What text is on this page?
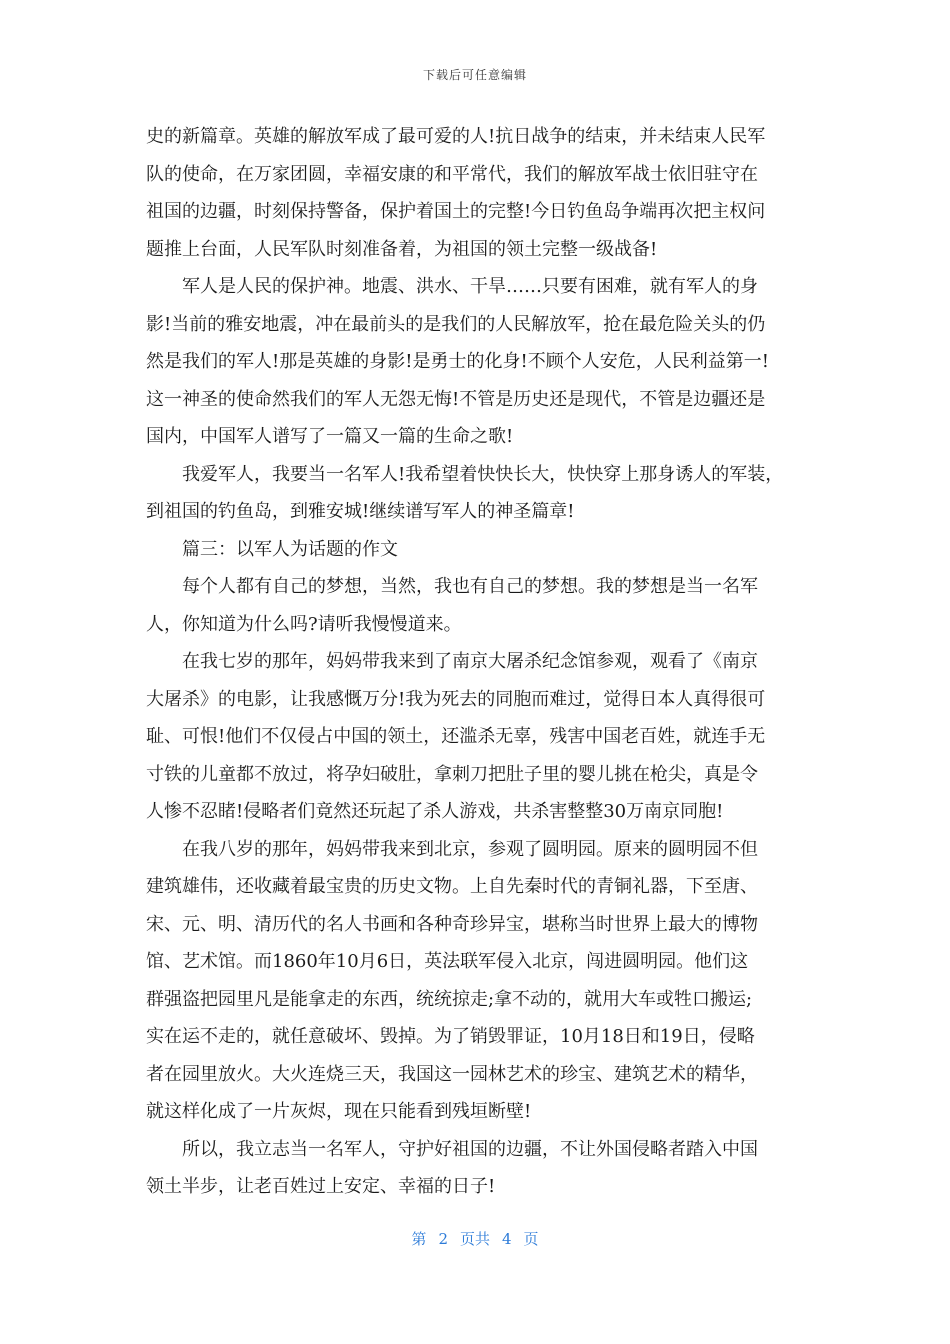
下载后可任意编辑
史的新篇章。英雄的解放军成了最可爱的人!抗日战争的结束，并未结束人民军
队的使命，在万家团圆，幸福安康的和平常代，我们的解放军战士依旧驻守在
祖国的边疆，时刻保持警备，保护着国土的完整!今日钓鱼岛争端再次把主权问
题推上台面，人民军队时刻准备着，为祖国的领土完整一级战备!
军人是人民的保护神。地震、洪水、干旱……只要有困难，就有军人的身
影!当前的雅安地震，冲在最前头的是我们的人民解放军，抢在最危险关头的仍
然是我们的军人!那是英雄的身影!是勇士的化身!不顾个人安危，人民利益第一!
这一神圣的使命然我们的军人无怨无悔!不管是历史还是现代，不管是边疆还是
国内，中国军人谱写了一篇又一篇的生命之歌!
我爱军人，我要当一名军人!我希望着快快长大，快快穿上那身诱人的军装，
到祖国的钓鱼岛，到雅安城!继续谱写军人的神圣篇章!
篇三：以军人为话题的作文
每个人都有自己的梦想，当然，我也有自己的梦想。我的梦想是当一名军
人，你知道为什么吗?请听我慢慢道来。
在我七岁的那年，妈妈带我来到了南京大屠杀纪念馆参观，观看了《南京
大屠杀》的电影，让我感慨万分!我为死去的同胞而难过，觉得日本人真得很可
耻、可恨!他们不仅侵占中国的领土，还滥杀无辜，残害中国老百姓，就连手无
寸铁的儿童都不放过，将孕妇破肚，拿刺刀把肚子里的婴儿挑在枪尖，真是令
人惨不忍睹!侵略者们竟然还玩起了杀人游戏，共杀害整整30万南京同胞!
在我八岁的那年，妈妈带我来到北京，参观了圆明园。原来的圆明园不但
建筑雄伟，还收藏着最宝贵的历史文物。上自先秦时代的青铜礼器，下至唐、
宋、元、明、清历代的名人书画和各种奇珍异宝，堪称当时世界上最大的博物
馆、艺术馆。而1860年10月6日，英法联军侵入北京，闯进圆明园。他们这
群强盗把园里凡是能拿走的东西，统统掠走;拿不动的，就用大车或牲口搬运;
实在运不走的，就任意破坏、毁掉。为了销毁罪证，10月18日和19日，侵略
者在园里放火。大火连烧三天，我国这一园林艺术的珍宝、建筑艺术的精华，
就这样化成了一片灰烬，现在只能看到残垣断壁!
所以，我立志当一名军人，守护好祖国的边疆，不让外国侵略者踏入中国
领土半步，让老百姓过上安定、幸福的日子!
第 2 页共 4 页
